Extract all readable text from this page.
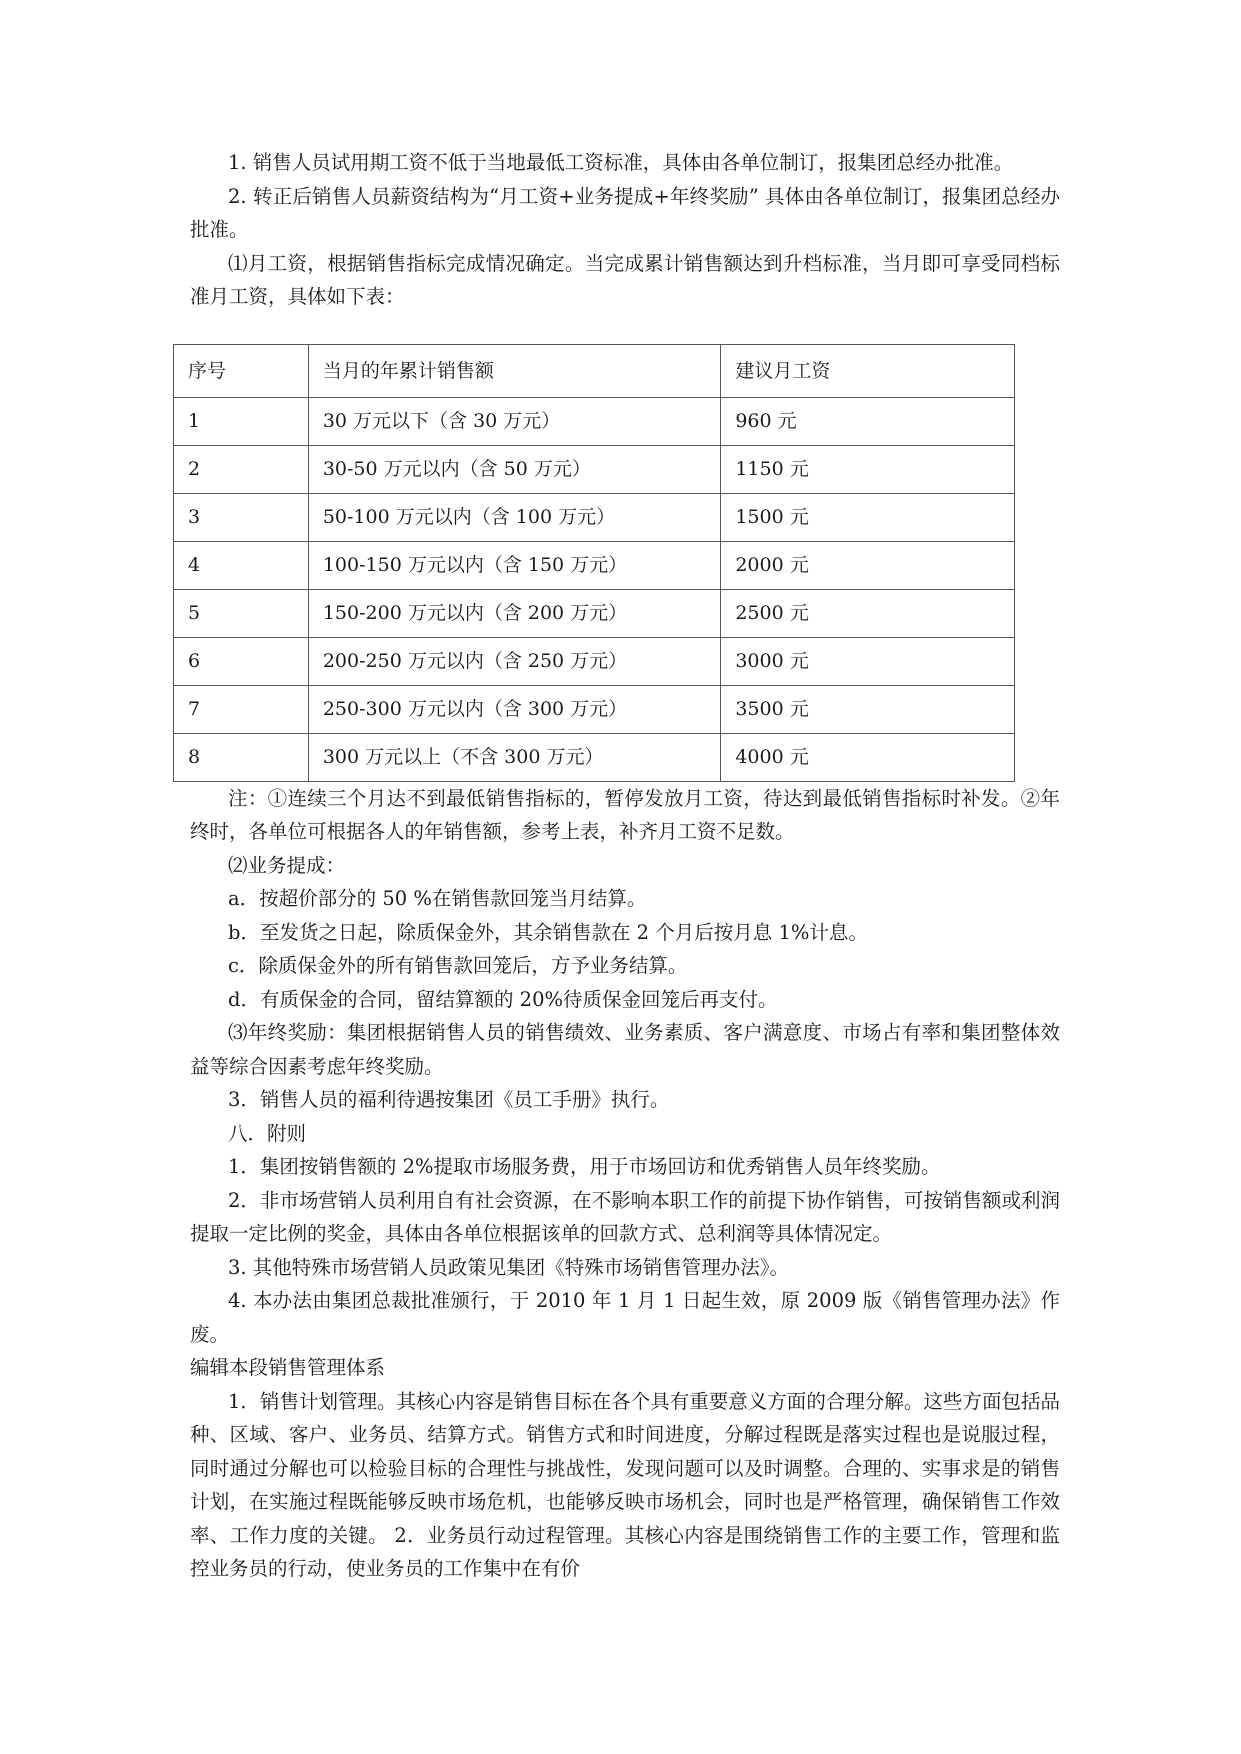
1. 销售人员试用期工资不低于当地最低工资标准，具体由各单位制订，报集团总经办批准。

2. 转正后销售人员薪资结构为“月工资+业务提成+年终奖励” 具体由各单位制订，报集团总经办批准。

⑴月工资，根据销售指标完成情况确定。当完成累计销售额达到升档标准，当月即可享受同档标准月工资，具体如下表：

序号	当月的年累计销售额	建议月工资
1	30 万元以下（含 30 万元）	960 元
2	30-50 万元以内（含 50 万元）	1150 元
3	50-100 万元以内（含 100 万元）	1500 元
4	100-150 万元以内（含 150 万元）	2000 元
5	150-200 万元以内（含 200 万元）	2500 元
6	200-250 万元以内（含 250 万元）	3000 元
7	250-300 万元以内（含 300 万元）	3500 元
8	300 万元以上（不含 300 万元）	4000 元

注：①连续三个月达不到最低销售指标的，暂停发放月工资，待达到最低销售指标时补发。②年终时，各单位可根据各人的年销售额，参考上表，补齐月工资不足数。

⑵业务提成：

a．按超价部分的 50 %在销售款回笼当月结算。

b．至发货之日起，除质保金外，其余销售款在 2 个月后按月息 1%计息。

c．除质保金外的所有销售款回笼后，方予业务结算。

d．有质保金的合同，留结算额的 20%待质保金回笼后再支付。

⑶年终奖励：集团根据销售人员的销售绩效、业务素质、客户满意度、市场占有率和集团整体效益等综合因素考虑年终奖励。

3．销售人员的福利待遇按集团《员工手册》执行。

八．附则

1．集团按销售额的 2%提取市场服务费，用于市场回访和优秀销售人员年终奖励。

2．非市场营销人员利用自有社会资源，在不影响本职工作的前提下协作销售，可按销售额或利润提取一定比例的奖金，具体由各单位根据该单的回款方式、总利润等具体情况定。

3. 其他特殊市场营销人员政策见集团《特殊市场销售管理办法》。

4. 本办法由集团总裁批准颁行，于 2010 年 1 月 1 日起生效，原 2009 版《销售管理办法》作废。

编辑本段销售管理体系

1．销售计划管理。其核心内容是销售目标在各个具有重要意义方面的合理分解。这些方面包括品种、区域、客户、业务员、结算方式。销售方式和时间进度，分解过程既是落实过程也是说服过程，同时通过分解也可以检验目标的合理性与挑战性，发现问题可以及时调整。合理的、实事求是的销售计划，在实施过程既能够反映市场危机，也能够反映市场机会，同时也是严格管理，确保销售工作效率、工作力度的关键。 2．业务员行动过程管理。其核心内容是围绕销售工作的主要工作，管理和监控业务员的行动，使业务员的工作集中在有价
